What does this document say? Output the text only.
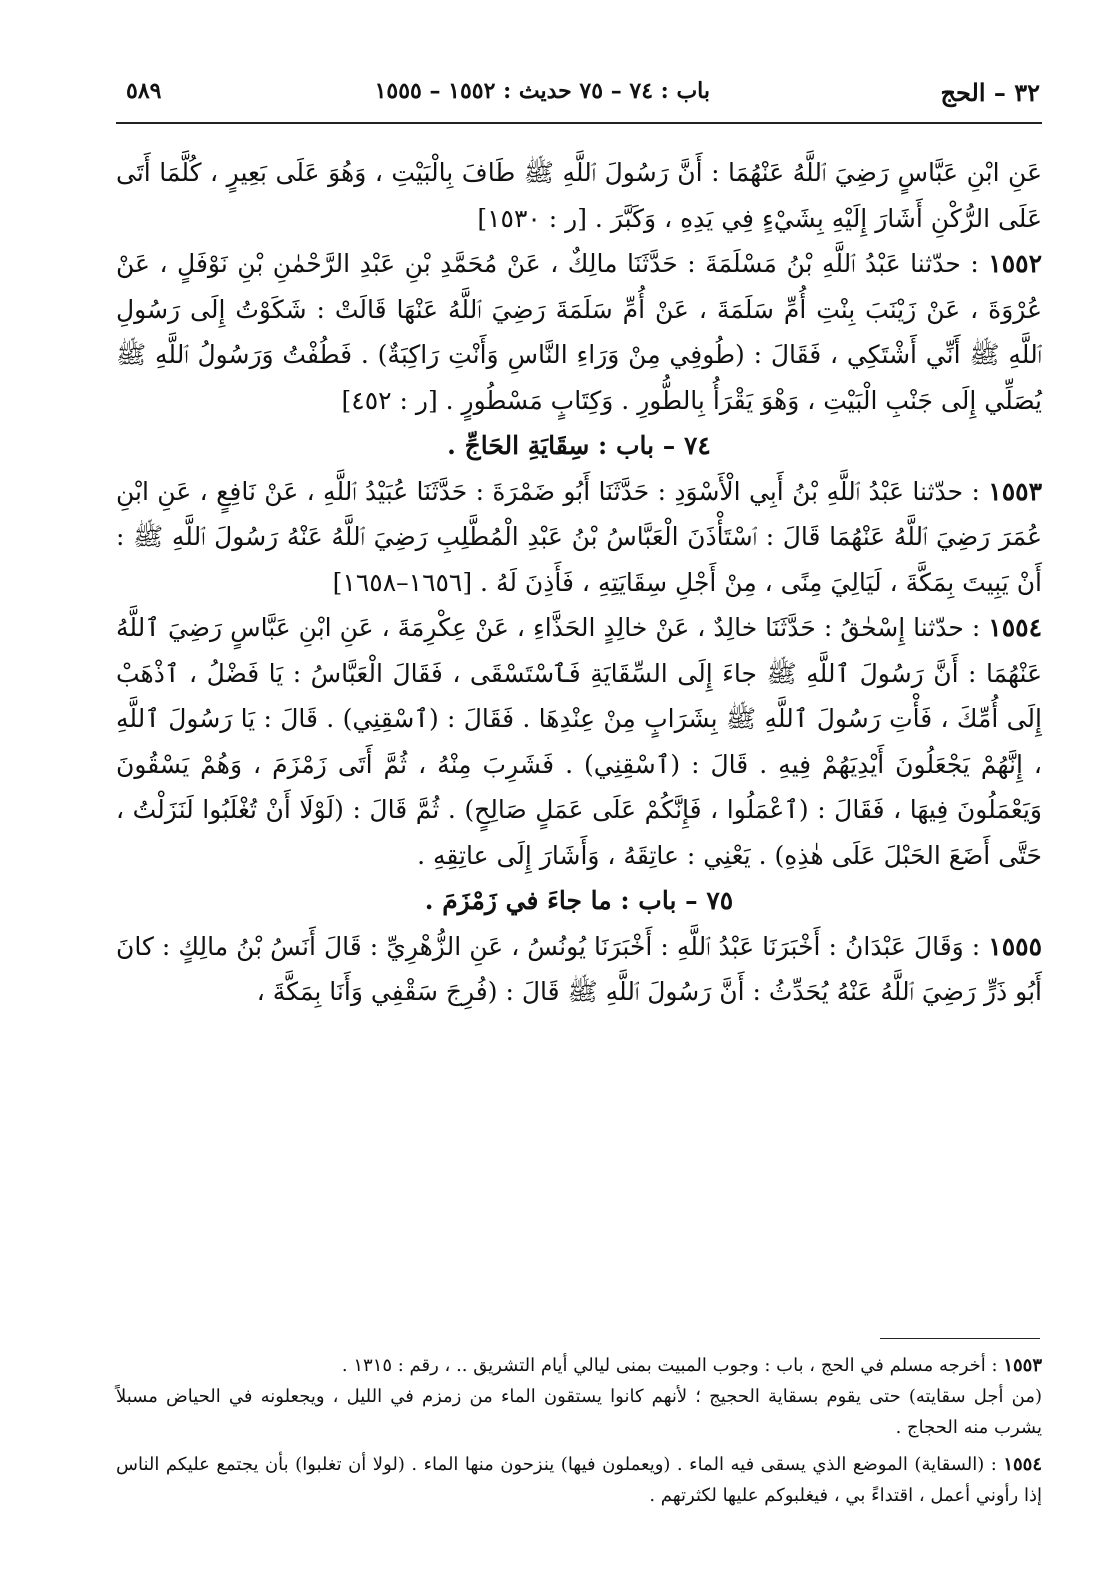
٣٢ – الحج
باب : ٧٤ – ٧٥ حديث : ١٥٥٢ – ١٥٥٥
٥٨٩

عَنِ ابْنِ عَبَّاسٍ رَضِيَ ٱللَّهُ عَنْهُمَا : أَنَّ رَسُولَ ٱللَّهِ ﷺ طَافَ بِالْبَيْتِ ، وَهُوَ عَلَى بَعِيرٍ ، كُلَّمَا أَتَى عَلَى الرُّكْنِ أَشَارَ إِلَيْهِ بِشَيْءٍ فِي يَدِهِ ، وَكَبَّرَ . [ر : ١٥٣٠]

١٥٥٢ : حدّثنا عَبْدُ ٱللَّهِ بْنُ مَسْلَمَةَ : حَدَّثَنَا مالِكٌ ، عَنْ مُحَمَّدِ بْنِ عَبْدِ الرَّحْمٰنِ بْنِ نَوْفَلٍ ، عَنْ عُرْوَةَ ، عَنْ زَيْنَبَ بِنْتِ أُمِّ سَلَمَةَ ، عَنْ أُمِّ سَلَمَةَ رَضِيَ ٱللَّهُ عَنْهَا قَالَتْ : شَكَوْتُ إِلَى رَسُولِ ٱللَّهِ ﷺ أَنِّي أَشْتَكِي ، فَقَالَ : (طُوفِي مِنْ وَرَاءِ النَّاسِ وَأَنْتِ رَاكِبَةٌ) . فَطُفْتُ وَرَسُولُ ٱللَّهِ ﷺ يُصَلِّي إِلَى جَنْبِ الْبَيْتِ ، وَهْوَ يَقْرَأُ بِالطُّورِ . وَكِتَابٍ مَسْطُورٍ . [ر : ٤٥٢]

٧٤ – باب : سِقَايَةِ الحَاجِّ .

١٥٥٣ : حدّثنا عَبْدُ ٱللَّهِ بْنُ أَبِي الْأَسْوَدِ : حَدَّثَنَا أَبُو ضَمْرَةَ : حَدَّثَنَا عُبَيْدُ ٱللَّهِ ، عَنْ نَافِعٍ ، عَنِ ابْنِ عُمَرَ رَضِيَ ٱللَّهُ عَنْهُمَا قَالَ : ٱسْتَأْذَنَ الْعَبَّاسُ بْنُ عَبْدِ الْمُطَّلِبِ رَضِيَ ٱللَّهُ عَنْهُ رَسُولَ ٱللَّهِ ﷺ : أَنْ يَبِيتَ بِمَكَّةَ ، لَيَالِيَ مِنًى ، مِنْ أَجْلِ سِقَايَتِهِ ، فَأَذِنَ لَهُ . [١٦٥٦–١٦٥٨]

١٥٥٤ : حدّثنا إِسْحٰقُ : حَدَّثَنَا خالِدٌ ، عَنْ خالِدٍ الحَذَّاءِ ، عَنْ عِكْرِمَةَ ، عَنِ ابْنِ عَبَّاسٍ رَضِيَ ٱللَّهُ عَنْهُمَا : أَنَّ رَسُولَ ٱللَّهِ ﷺ جاءَ إِلَى السِّقَايَةِ فَٱسْتَسْقَى ، فَقَالَ الْعَبَّاسُ : يَا فَضْلُ ، ٱذْهَبْ إِلَى أُمِّكَ ، فَأْتِ رَسُولَ ٱللَّهِ ﷺ بِشَرَابٍ مِنْ عِنْدِهَا . فَقَالَ : (ٱسْقِنِي) . قَالَ : يَا رَسُولَ ٱللَّهِ ، إِنَّهُمْ يَجْعَلُونَ أَيْدِيَهُمْ فِيهِ . قَالَ : (ٱسْقِنِي) . فَشَرِبَ مِنْهُ ، ثُمَّ أَتَى زَمْزَمَ ، وَهُمْ يَسْقُونَ وَيَعْمَلُونَ فِيهَا ، فَقَالَ : (ٱعْمَلُوا ، فَإِنَّكُمْ عَلَى عَمَلٍ صَالِحٍ) . ثُمَّ قَالَ : (لَوْلَا أَنْ تُغْلَبُوا لَنَزَلْتُ ، حَتَّى أَضَعَ الحَبْلَ عَلَى هٰذِهِ) . يَعْنِي : عاتِقَهُ ، وَأَشَارَ إِلَى عاتِقِهِ .

٧٥ – باب : ما جاءَ في زَمْزَمَ .

١٥٥٥ : وَقَالَ عَبْدَانُ : أَخْبَرَنَا عَبْدُ ٱللَّهِ : أَخْبَرَنَا يُونُسُ ، عَنِ الزُّهْرِيِّ : قَالَ أَنَسُ بْنُ مالِكٍ : كانَ أَبُو ذَرٍّ رَضِيَ ٱللَّهُ عَنْهُ يُحَدِّثُ : أَنَّ رَسُولَ ٱللَّهِ ﷺ قَالَ : (فُرِجَ سَقْفِي وَأَنَا بِمَكَّةَ ،

١٥٥٣ : أخرجه مسلم في الحج ، باب : وجوب المبيت بمنى ليالي أيام التشريق .. ، رقم : ١٣١٥ .

(من أجل سقايته) حتى يقوم بسقاية الحجيج ؛ لأنهم كانوا يستقون الماء من زمزم في الليل ، ويجعلونه في الحياض مسبلاً يشرب منه الحجاج .

١٥٥٤ : (السقاية) الموضع الذي يسقى فيه الماء . (ويعملون فيها) ينزحون منها الماء . (لولا أن تغلبوا) بأن يجتمع عليكم الناس إذا رأوني أعمل ، اقتداءً بي ، فيغلبوكم عليها لكثرتهم .
